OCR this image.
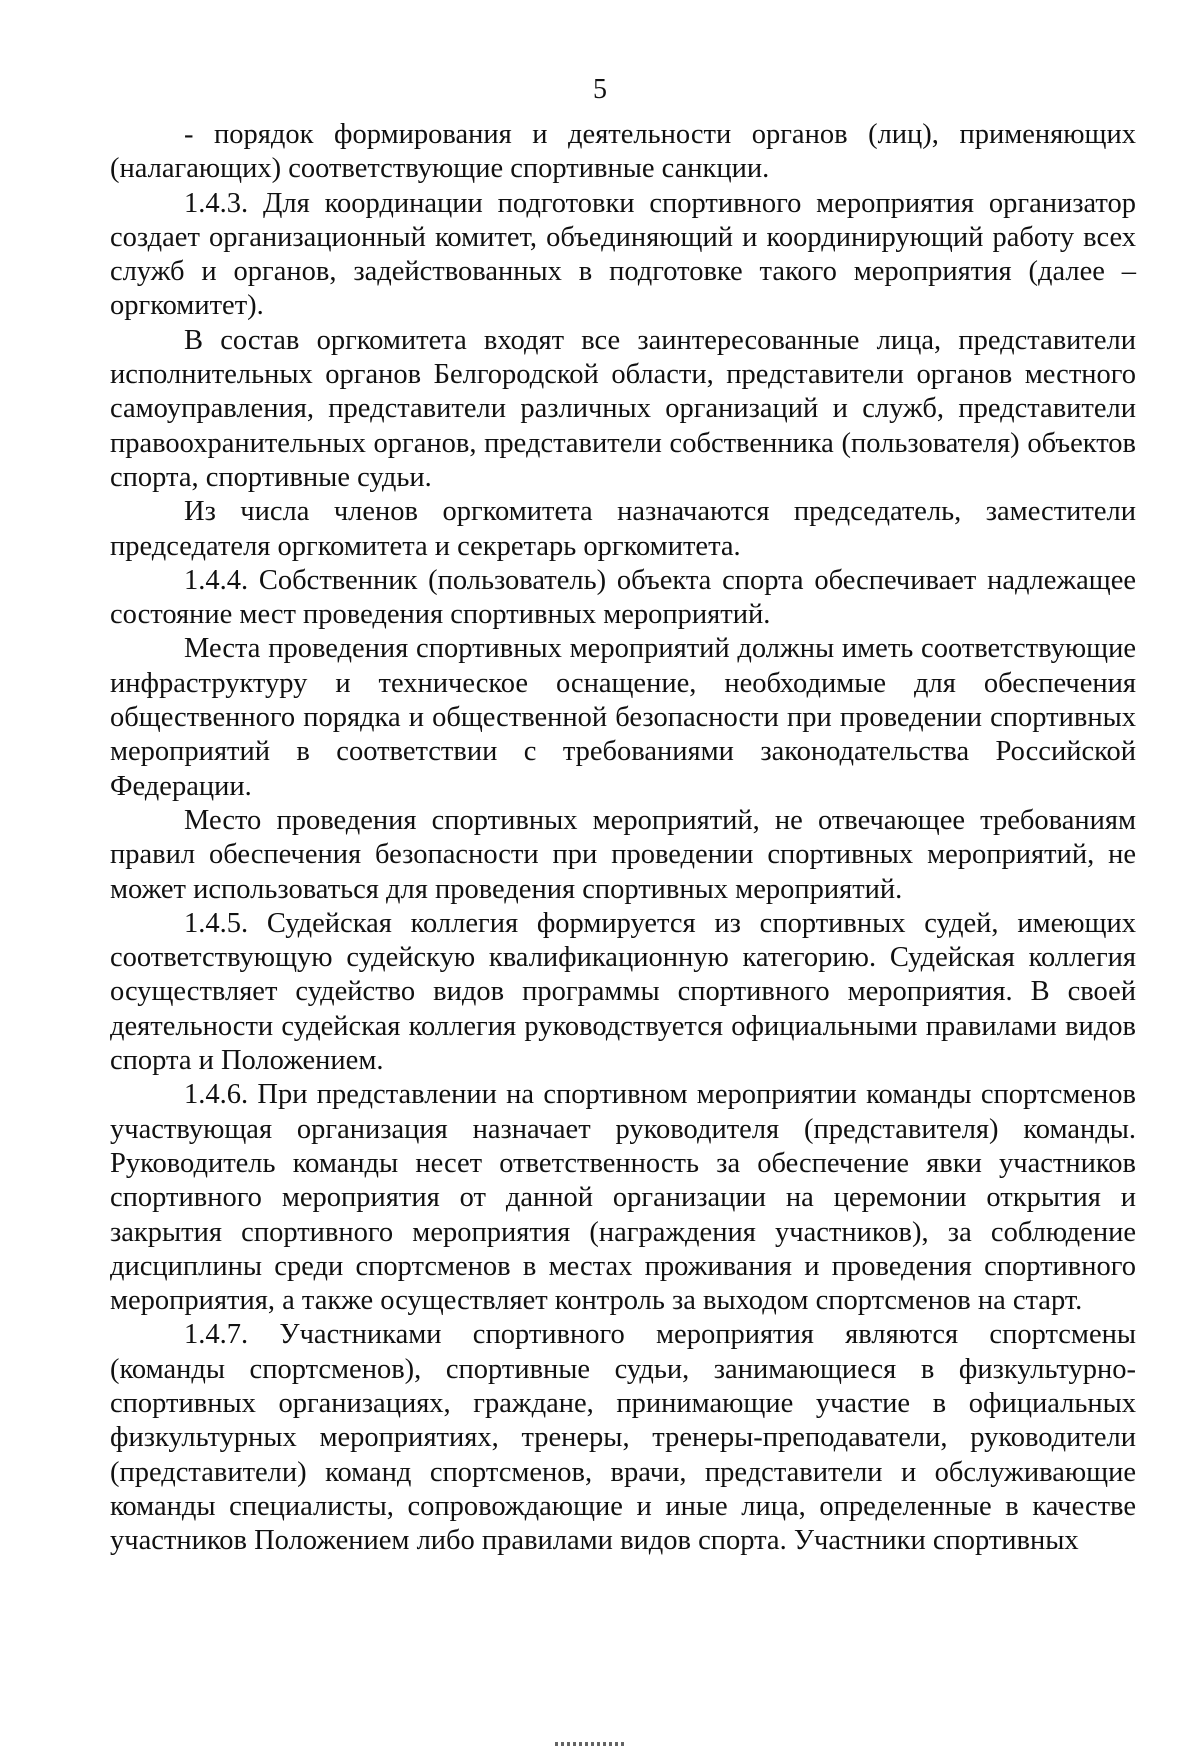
5

- порядок формирования и деятельности органов (лиц), применяющих (налагающих) соответствующие спортивные санкции.

1.4.3. Для координации подготовки спортивного мероприятия организатор создает организационный комитет, объединяющий и координирующий работу всех служб и органов, задействованных в подготовке такого мероприятия (далее – оргкомитет).

В состав оргкомитета входят все заинтересованные лица, представители исполнительных органов Белгородской области, представители органов местного самоуправления, представители различных организаций и служб, представители правоохранительных органов, представители собственника (пользователя) объектов спорта, спортивные судьи.

Из числа членов оргкомитета назначаются председатель, заместители председателя оргкомитета и секретарь оргкомитета.

1.4.4. Собственник (пользователь) объекта спорта обеспечивает надлежащее состояние мест проведения спортивных мероприятий.

Места проведения спортивных мероприятий должны иметь соответствующие инфраструктуру и техническое оснащение, необходимые для обеспечения общественного порядка и общественной безопасности при проведении спортивных мероприятий в соответствии с требованиями законодательства Российской Федерации.

Место проведения спортивных мероприятий, не отвечающее требованиям правил обеспечения безопасности при проведении спортивных мероприятий, не может использоваться для проведения спортивных мероприятий.

1.4.5. Судейская коллегия формируется из спортивных судей, имеющих соответствующую судейскую квалификационную категорию. Судейская коллегия осуществляет судейство видов программы спортивного мероприятия. В своей деятельности судейская коллегия руководствуется официальными правилами видов спорта и Положением.

1.4.6. При представлении на спортивном мероприятии команды спортсменов участвующая организация назначает руководителя (представителя) команды. Руководитель команды несет ответственность за обеспечение явки участников спортивного мероприятия от данной организации на церемонии открытия и закрытия спортивного мероприятия (награждения участников), за соблюдение дисциплины среди спортсменов в местах проживания и проведения спортивного мероприятия, а также осуществляет контроль за выходом спортсменов на старт.

1.4.7. Участниками спортивного мероприятия являются спортсмены (команды спортсменов), спортивные судьи, занимающиеся в физкультурно-спортивных организациях, граждане, принимающие участие в официальных физкультурных мероприятиях, тренеры, тренеры-преподаватели, руководители (представители) команд спортсменов, врачи, представители и обслуживающие команды специалисты, сопровождающие и иные лица, определенные в качестве участников Положением либо правилами видов спорта. Участники спортивных
